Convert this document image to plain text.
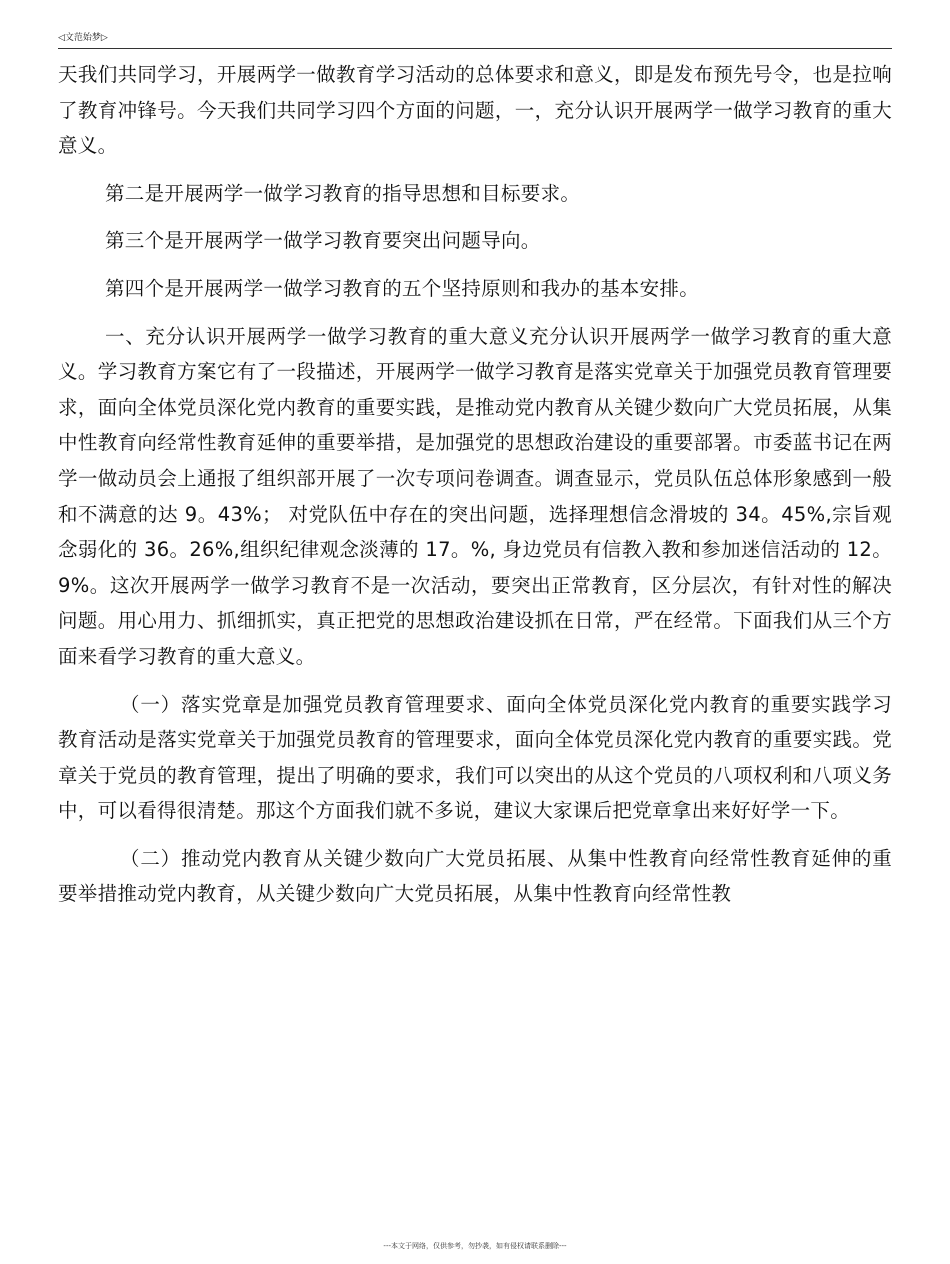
◁文范始梦▷

天我们共同学习，开展两学一做教育学习活动的总体要求和意义，即是发布预先号令，也是拉响了教育冲锋号。今天我们共同学习四个方面的问题，一，充分认识开展两学一做学习教育的重大意义。

第二是开展两学一做学习教育的指导思想和目标要求。

第三个是开展两学一做学习教育要突出问题导向。

第四个是开展两学一做学习教育的五个坚持原则和我办的基本安排。

一、充分认识开展两学一做学习教育的重大意义充分认识开展两学一做学习教育的重大意义。学习教育方案它有了一段描述，开展两学一做学习教育是落实党章关于加强党员教育管理要求，面向全体党员深化党内教育的重要实践，是推动党内教育从关键少数向广大党员拓展，从集中性教育向经常性教育延伸的重要举措，是加强党的思想政治建设的重要部署。市委蓝书记在两学一做动员会上通报了组织部开展了一次专项问卷调查。调查显示，党员队伍总体形象感到一般和不满意的达 9。43%； 对党队伍中存在的突出问题，选择理想信念滑坡的 34。45%,宗旨观念弱化的 36。26%,组织纪律观念淡薄的 17。%, 身边党员有信教入教和参加迷信活动的 12。9%。这次开展两学一做学习教育不是一次活动，要突出正常教育，区分层次，有针对性的解决问题。用心用力、抓细抓实，真正把党的思想政治建设抓在日常，严在经常。下面我们从三个方面来看学习教育的重大意义。

（一）落实党章是加强党员教育管理要求、面向全体党员深化党内教育的重要实践学习教育活动是落实党章关于加强党员教育的管理要求，面向全体党员深化党内教育的重要实践。党章关于党员的教育管理，提出了明确的要求，我们可以突出的从这个党员的八项权利和八项义务中，可以看得很清楚。那这个方面我们就不多说，建议大家课后把党章拿出来好好学一下。

（二）推动党内教育从关键少数向广大党员拓展、从集中性教育向经常性教育延伸的重要举措推动党内教育，从关键少数向广大党员拓展，从集中性教育向经常性教

---本文于网络，仅供参考，勿抄袭，如有侵权请联系删除---
